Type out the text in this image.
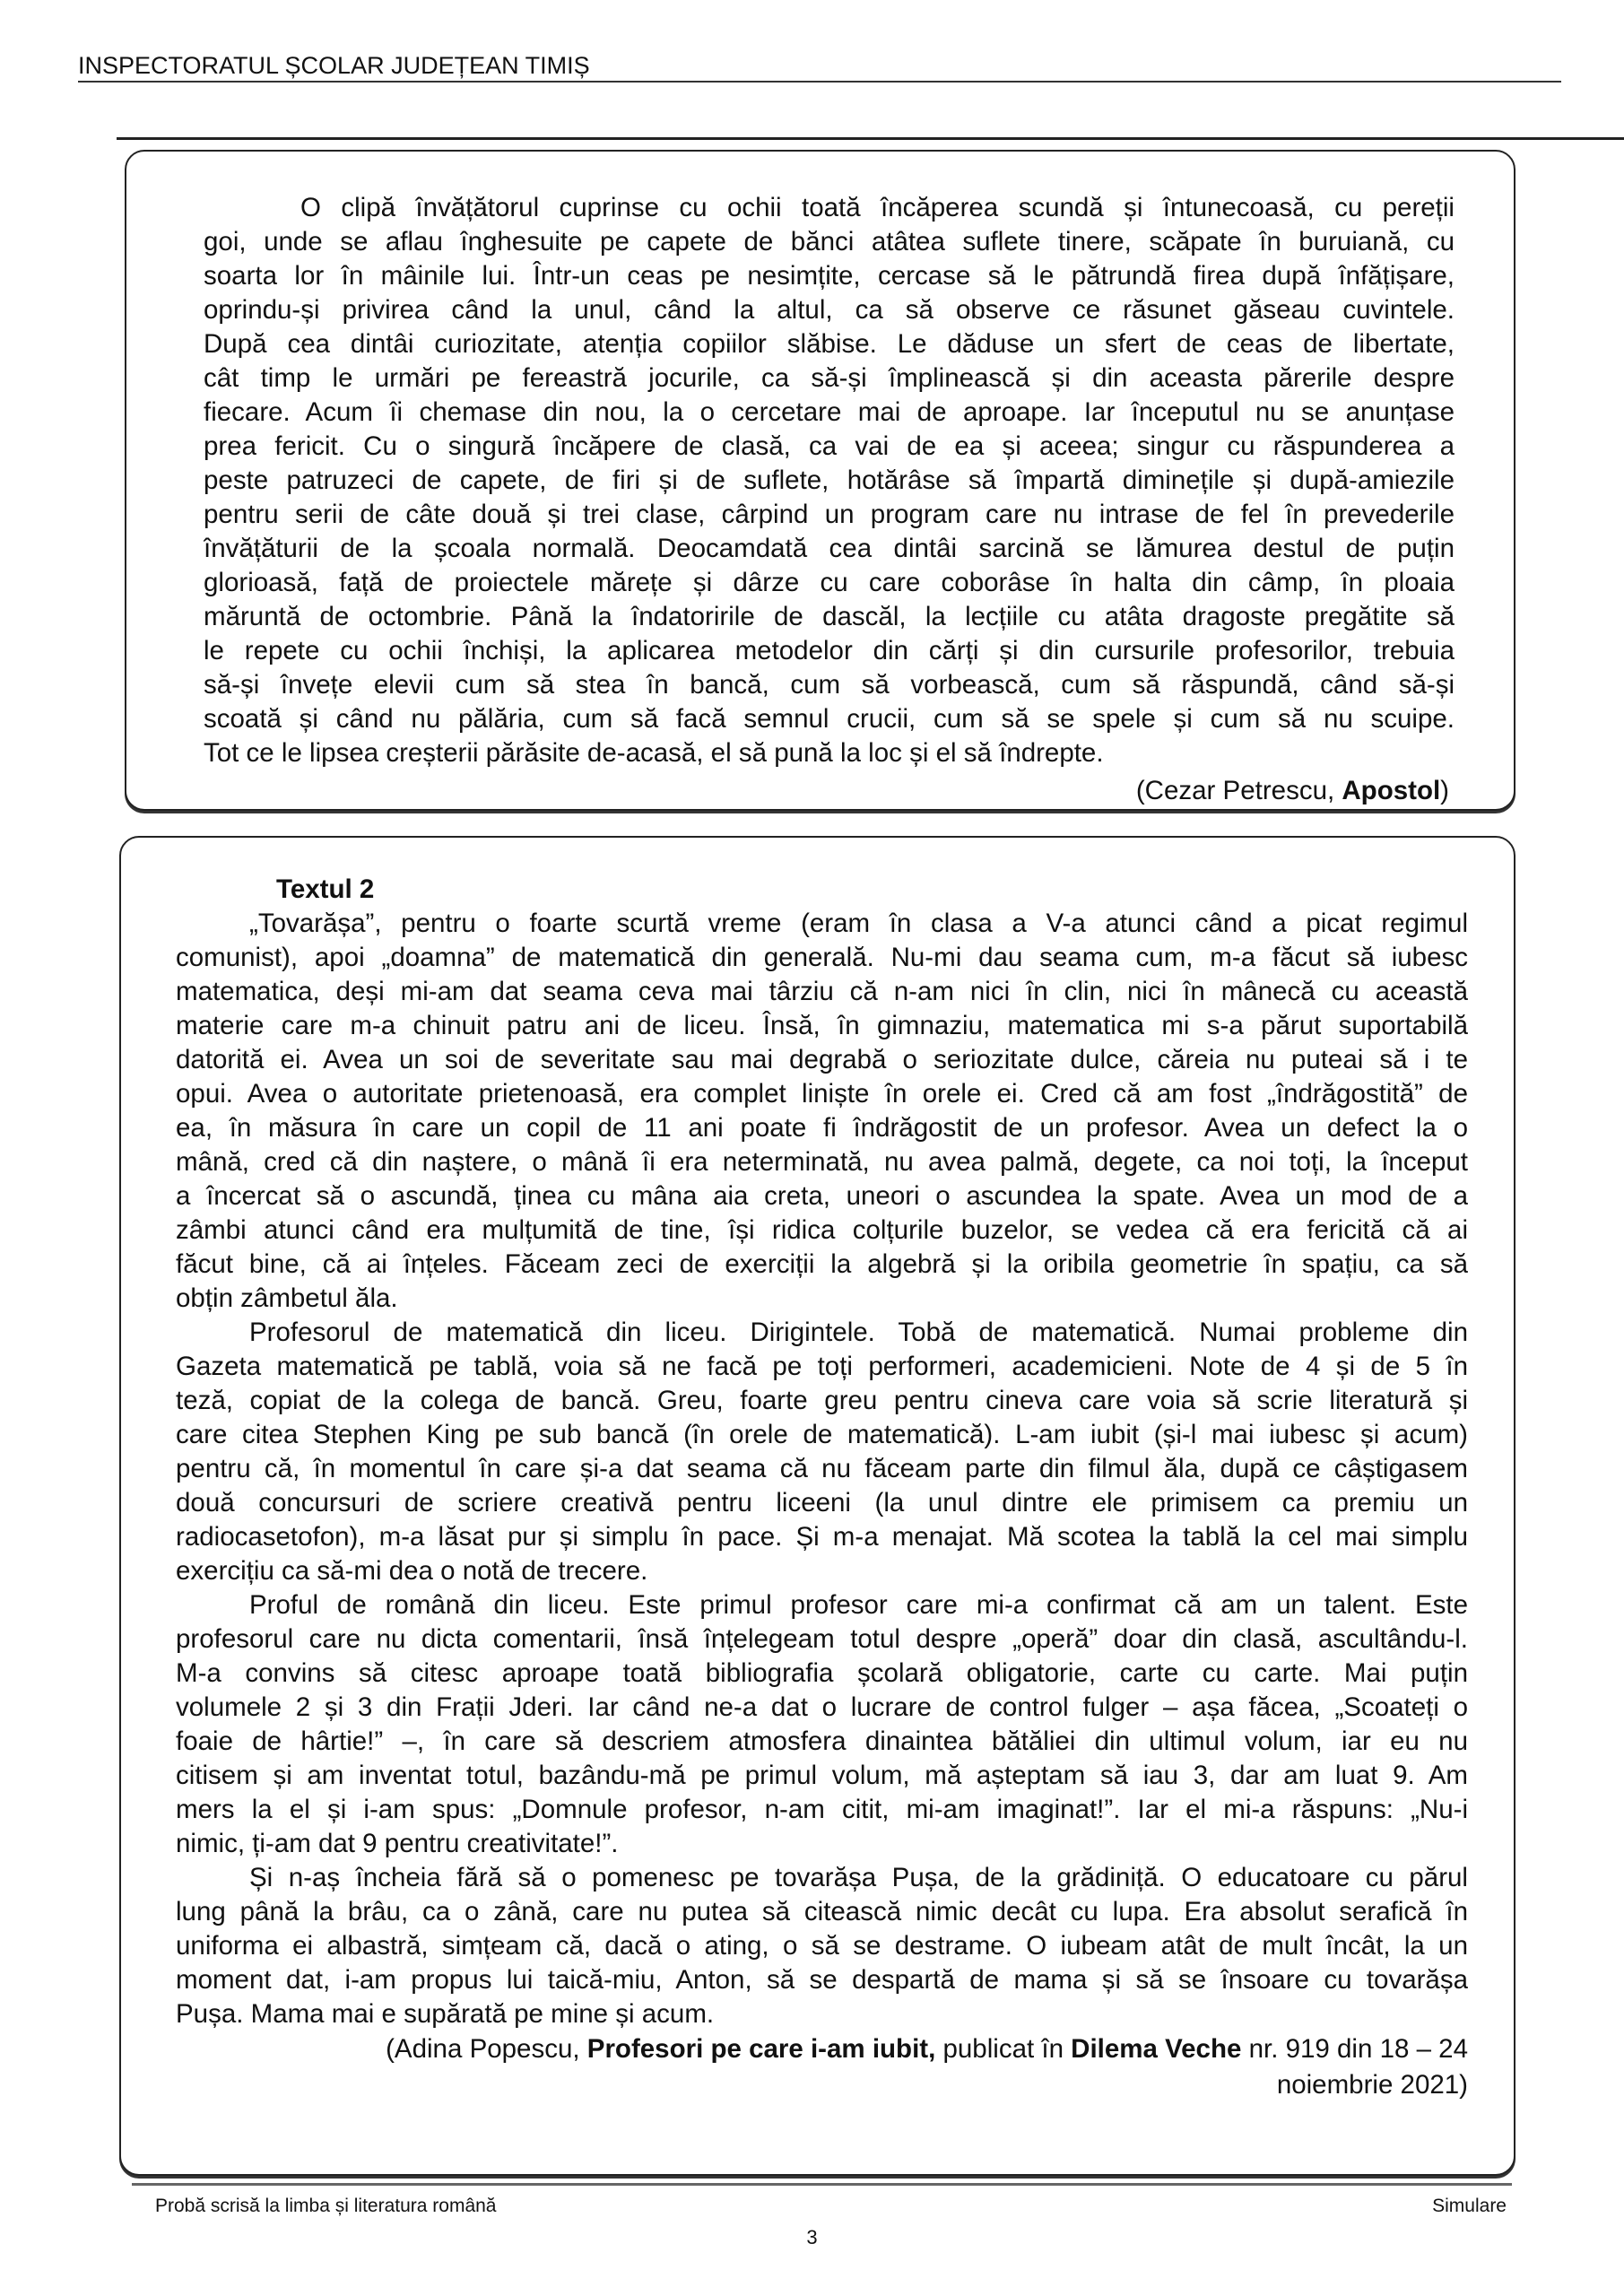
INSPECTORATUL ȘCOLAR JUDEȚEAN TIMIȘ
O clipă învățătorul cuprinse cu ochii toată încăperea scundă și întunecoasă, cu pereții
goi, unde se aflau înghesuite pe capete de bănci atâtea suflete tinere, scăpate în buruiană, cu
soarta lor în mâinile lui. Într-un ceas pe nesimțite, cercase să le pătrundă firea după înfățișare,
oprindu-și privirea când la unul, când la altul, ca să observe ce răsunet găseau cuvintele.
După cea dintâi curiozitate, atenția copiilor slăbise. Le dăduse un sfert de ceas de libertate,
cât timp le urmări pe fereastră jocurile, ca să-și împlinească și din aceasta părerile despre
fiecare. Acum îi chemase din nou, la o cercetare mai de aproape. Iar începutul nu se anunțase
prea fericit. Cu o singură încăpere de clasă, ca vai de ea și aceea; singur cu răspunderea a
peste patruzeci de capete, de firi și de suflete, hotărâse să împartă diminețile și după-amiezile
pentru serii de câte două și trei clase, cârpind un program care nu intrase de fel în prevederile
învățăturii de la școala normală. Deocamdată cea dintâi sarcină se lămurea destul de puțin
glorioasă, față de proiectele mărețe și dârze cu care coborâse în halta din câmp, în ploaia
măruntă de octombrie. Până la îndatoririle de dascăl, la lecțiile cu atâta dragoste pregătite să
le repete cu ochii închiși, la aplicarea metodelor din cărți și din cursurile profesorilor, trebuia
să-și învețe elevii cum să stea în bancă, cum să vorbească, cum să răspundă, când să-și
scoată și când nu pălăria, cum să facă semnul crucii, cum să se spele și cum să nu scuipe.
Tot ce le lipsea creșterii părăsite de-acasă, el să pună la loc și el să îndrepte.
(Cezar Petrescu, Apostol)
Textul 2
„Tovarășa”, pentru o foarte scurtă vreme (eram în clasa a V-a atunci când a picat regimul
comunist), apoi „doamna” de matematică din generală. Nu-mi dau seama cum, m-a făcut să iubesc
matematica, deși mi-am dat seama ceva mai târziu că n-am nici în clin, nici în mânecă cu această
materie care m-a chinuit patru ani de liceu. Însă, în gimnaziu, matematica mi s-a părut suportabilă
datorită ei. Avea un soi de severitate sau mai degrabă o seriozitate dulce, căreia nu puteai să i te
opui. Avea o autoritate prietenoasă, era complet liniște în orele ei. Cred că am fost „îndrăgostită” de
ea, în măsura în care un copil de 11 ani poate fi îndrăgostit de un profesor. Avea un defect la o
mână, cred că din naștere, o mână îi era neterminată, nu avea palmă, degete, ca noi toți, la început
a încercat să o ascundă, ținea cu mâna aia creta, uneori o ascundea la spate. Avea un mod de a
zâmbi atunci când era mulțumită de tine, își ridica colțurile buzelor, se vedea că era fericită că ai
făcut bine, că ai înțeles. Făceam zeci de exerciții la algebră și la oribila geometrie în spațiu, ca să
obțin zâmbetul ăla.
Profesorul de matematică din liceu. Dirigintele. Tobă de matematică. Numai probleme din
Gazeta matematică pe tablă, voia să ne facă pe toți performeri, academicieni. Note de 4 și de 5 în
teză, copiat de la colega de bancă. Greu, foarte greu pentru cineva care voia să scrie literatură și
care citea Stephen King pe sub bancă (în orele de matematică). L-am iubit (și-l mai iubesc și acum)
pentru că, în momentul în care și-a dat seama că nu făceam parte din filmul ăla, după ce câștigasem
două concursuri de scriere creativă pentru liceeni (la unul dintre ele primisem ca premiu un
radiocasetofon), m-a lăsat pur și simplu în pace. Și m-a menajat. Mă scotea la tablă la cel mai simplu
exercițiu ca să-mi dea o notă de trecere.
Proful de română din liceu. Este primul profesor care mi-a confirmat că am un talent. Este
profesorul care nu dicta comentarii, însă înțelegeam totul despre „operă” doar din clasă, ascultându-l.
M-a convins să citesc aproape toată bibliografia școlară obligatorie, carte cu carte. Mai puțin
volumele 2 și 3 din Frații Jderi. Iar când ne-a dat o lucrare de control fulger – așa făcea, „Scoateți o
foaie de hârtie!” –, în care să descriem atmosfera dinaintea bătăliei din ultimul volum, iar eu nu
citisem și am inventat totul, bazându-mă pe primul volum, mă așteptam să iau 3, dar am luat 9. Am
mers la el și i-am spus: „Domnule profesor, n-am citit, mi-am imaginat!”. Iar el mi-a răspuns: „Nu-i
nimic, ți-am dat 9 pentru creativitate!”.
Și n-aș încheia fără să o pomenesc pe tovarășa Pușa, de la grădiniță. O educatoare cu părul
lung până la brâu, ca o zână, care nu putea să citească nimic decât cu lupa. Era absolut serafică în
uniforma ei albastră, simțeam că, dacă o ating, o să se destrame. O iubeam atât de mult încât, la un
moment dat, i-am propus lui taică-miu, Anton, să se despartă de mama și să se însoare cu tovarășa
Pușa. Mama mai e supărată pe mine și acum.
(Adina Popescu, Profesori pe care i-am iubit, publicat în Dilema Veche nr. 919 din 18 – 24
noiembrie 2021)
Probă scrisă la limba și literatura română	Simulare
3
